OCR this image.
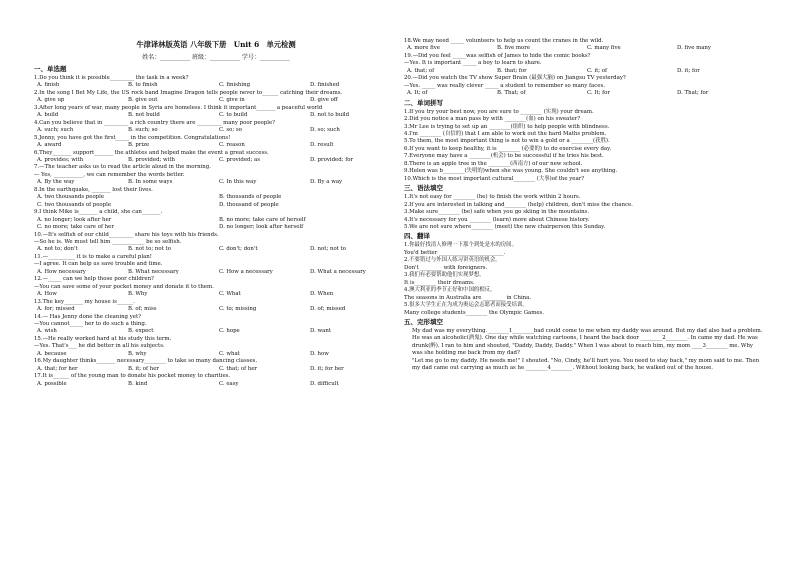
牛津译林版英语 八年级下册　Unit 6　单元检测
姓名：__________ 班级：__________ 学号：__________
一、单选题
1.Do you think it is possible_________ the task in a week?
A. finish	B. to finish	C. finishing	D. finished
2.In the song I Bet My Life, the US rock band Imagine Dragon tells people never to______ catching their dreams.
A. give up	B. give out	C. give in	D. give off
3.After long years of war, many people in Syria are homeless. I think it important_______ a peaceful world
A. build	B. not build	C. to build	D. not to build
4.Can you believe that in _________ a rich country there are _________ many poor people?
A. such; such	B. such; so	C. so; so	D. so; such
5.Jenny, you have got the first_____ in the competition. Congratulations!
A. award	B. prize	C. reason	D. result
6.They_______ support_______ the athletes and helped make the event a great success.
A. provides; with	B. provided; with	C. provided; as	D. provided; for
7.—The teacher asks us to read the article aloud in the morning.
— Yes, ___________, we can remember the words better.
A. By the way	B. In some ways	C. In this way	D. By a way
8.In the earthquake, _______ lost their lives.
A. two thousands people	B. thousands of people
C. two thousands of people	D. thousand of people
9.I think Mike is_______ a child, she can_______.
A. no longer; look after her	B. no more; take care of herself
C. no more; take care of her	D. no longer; look after herself
10.—It's selfish of our child_________ share his toys with his friends.
—So he is. We must tell him ____________ be so selfish.
A. not to; don't	B. not to; not to	C. don't; don't	D. not; not to
11.—__________ it is to make a careful plan!
—I agree. It can help us save trouble and time.
A. How necessary	B. What necessary	C. How a necessary	D. What a necessary
12.—_____ can we help those poor children?
—You can save some of your pocket money and donate it to them.
A. How	B. Why	C. What	D. When
13.The key_______ my house is______.
A. for; missed	B. of; miss	C. to; missing	D. of; missed
14.— Has Jenny done the cleaning yet?
—You cannot_____ her to do such a thing.
A. wish	B. expect	C. hope	D. want
15.—He really worked hard at his study this term.
—Yes. That's___ he did better in all his subjects.
A. because	B. why	C. what	D. how
16.My daughter thinks_______ necessary________ to take so many dancing classes.
A. that; for her	B. it; of her	C. that; of her	D. it; for her
17.It is______ of the young man to donate his pocket money to charities.
A. possible	B. kind	C. easy	D. difficult
18.We may need _____ volunteers to help us count the cranes in the wild.
A. more five	B. five more	C. many five	D. five many
19.—Did you feel _____was selfish of James to hide the comic books?
—Yes. It is important _____ a boy to learn to share.
A. that; of	B. that; for	C. it; of	D. it; for
20.—Did you watch the TV show Super Brain (最强大脑) on Jiangsu TV yesterday?
—Yes. _____ was really clever _____ a student to remember so many faces.
A. It; of	B. That; of	C. It; for	D. That; for
二、单词拼写
1.If you try your best now, you are sure to ________ (实现) your dream.
2.Did you notice a man pass by with ________(血) on his sweater?
3.Mr Lee is trying to set up an ________(组织) to help people with blindness.
4.I'm ________ (自信的) that I am able to work out the hard Maths problem.
5.To them, the most important thing is not to win a gold or a ________(获胜).
6.If you want to keep healthy, it is ________ (必要的) to do exercise every day.
7.Everyone may have a ________(机会) to be successful if he tries his best.
8.There is an apple tree in the ________(西南方) of our new school.
9.Helen was b________(失明的)when she was young. She couldn't see anything.
10.Which is the most important cultural________ (大事)of the year?
三、语法填空
1.It's not easy for ________ (he) to finish the work within 2 hours.
2.If you are interested in talking and________ (help) children, don't miss the chance.
3.Make sure________ (be) safe when you go skiing in the mountains.
4.It's necessary for you ________ (learn) more about Chinese history.
5.We are not sure where________ (meet) the new chairperson this Sunday.
四、翻译
1.你最好找清人修理一下那个到处是水的房间。
You'd better ________________________.
2.不要错过与外国人练习讲英语的机会。
Don't ________ with foreigners.
3.我们有必要帮助他们实现梦想。
It is________ their dreams.
4.澳大利亚的季节正好和中国的相反。
The seasons in Australia are ________ in China.
5.很多大学生正在为成为奥运会志愿者而接受培训。
Many college students________ the Olympic Games.
五、完形填空
My dad was my everything.________1________bad could come to me when my daddy was around. But my dad also had a problem. He was an alcoholic(酒鬼). One day while watching cartoons, I heard the back door ________2________. In came my dad. He was drunk(醉). I ran to him and shouted, "Daddy, Daddy, Daddy." When I was about to reach him, my mom ____3________ me. Why was she holding me back from my dad?
"Let me go to my daddy. He needs me!" I shouted. "No, Cindy, he'll hurt you. You need to stay back," my mom said to me. Then my dad came out carrying as much as he ________4________. Without looking back, he walked out of the house.
